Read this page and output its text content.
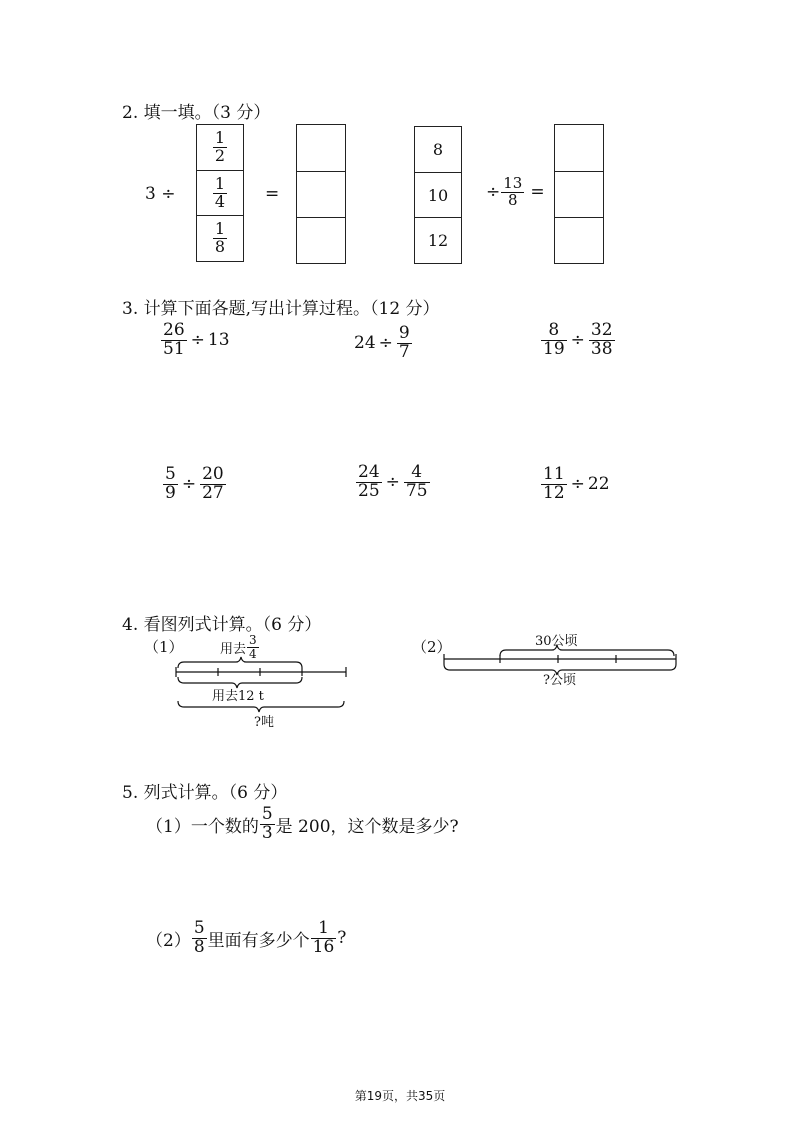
2. 填一填。（3 分）
3 ÷
$\frac{1}{2}$
$\frac{1}{4}$
$\frac{1}{8}$
=
8
10
12
÷ $\frac{13}{8}$ =
3. 计算下面各题,写出计算过程。（12 分）
$\frac{26}{51} \div 13$	$24 \div \frac{9}{7}$	$\frac{8}{19} \div \frac{32}{38}$
$\frac{5}{9} \div \frac{20}{27}$	$\frac{24}{25} \div \frac{4}{75}$	$\frac{11}{12} \div 22$
4. 看图列式计算。（6 分）
（1）	用去 $\frac{3}{4}$
用去12 t
?吨
（2）	30公顷
?公顷
5. 列式计算。（6 分）
（1）一个数的 $\frac{5}{3}$ 是 200，这个数是多少?
$(2) \frac{5}{8}$ 里面有多少个 $\frac{1}{16}$ ?
第19页，共35页
